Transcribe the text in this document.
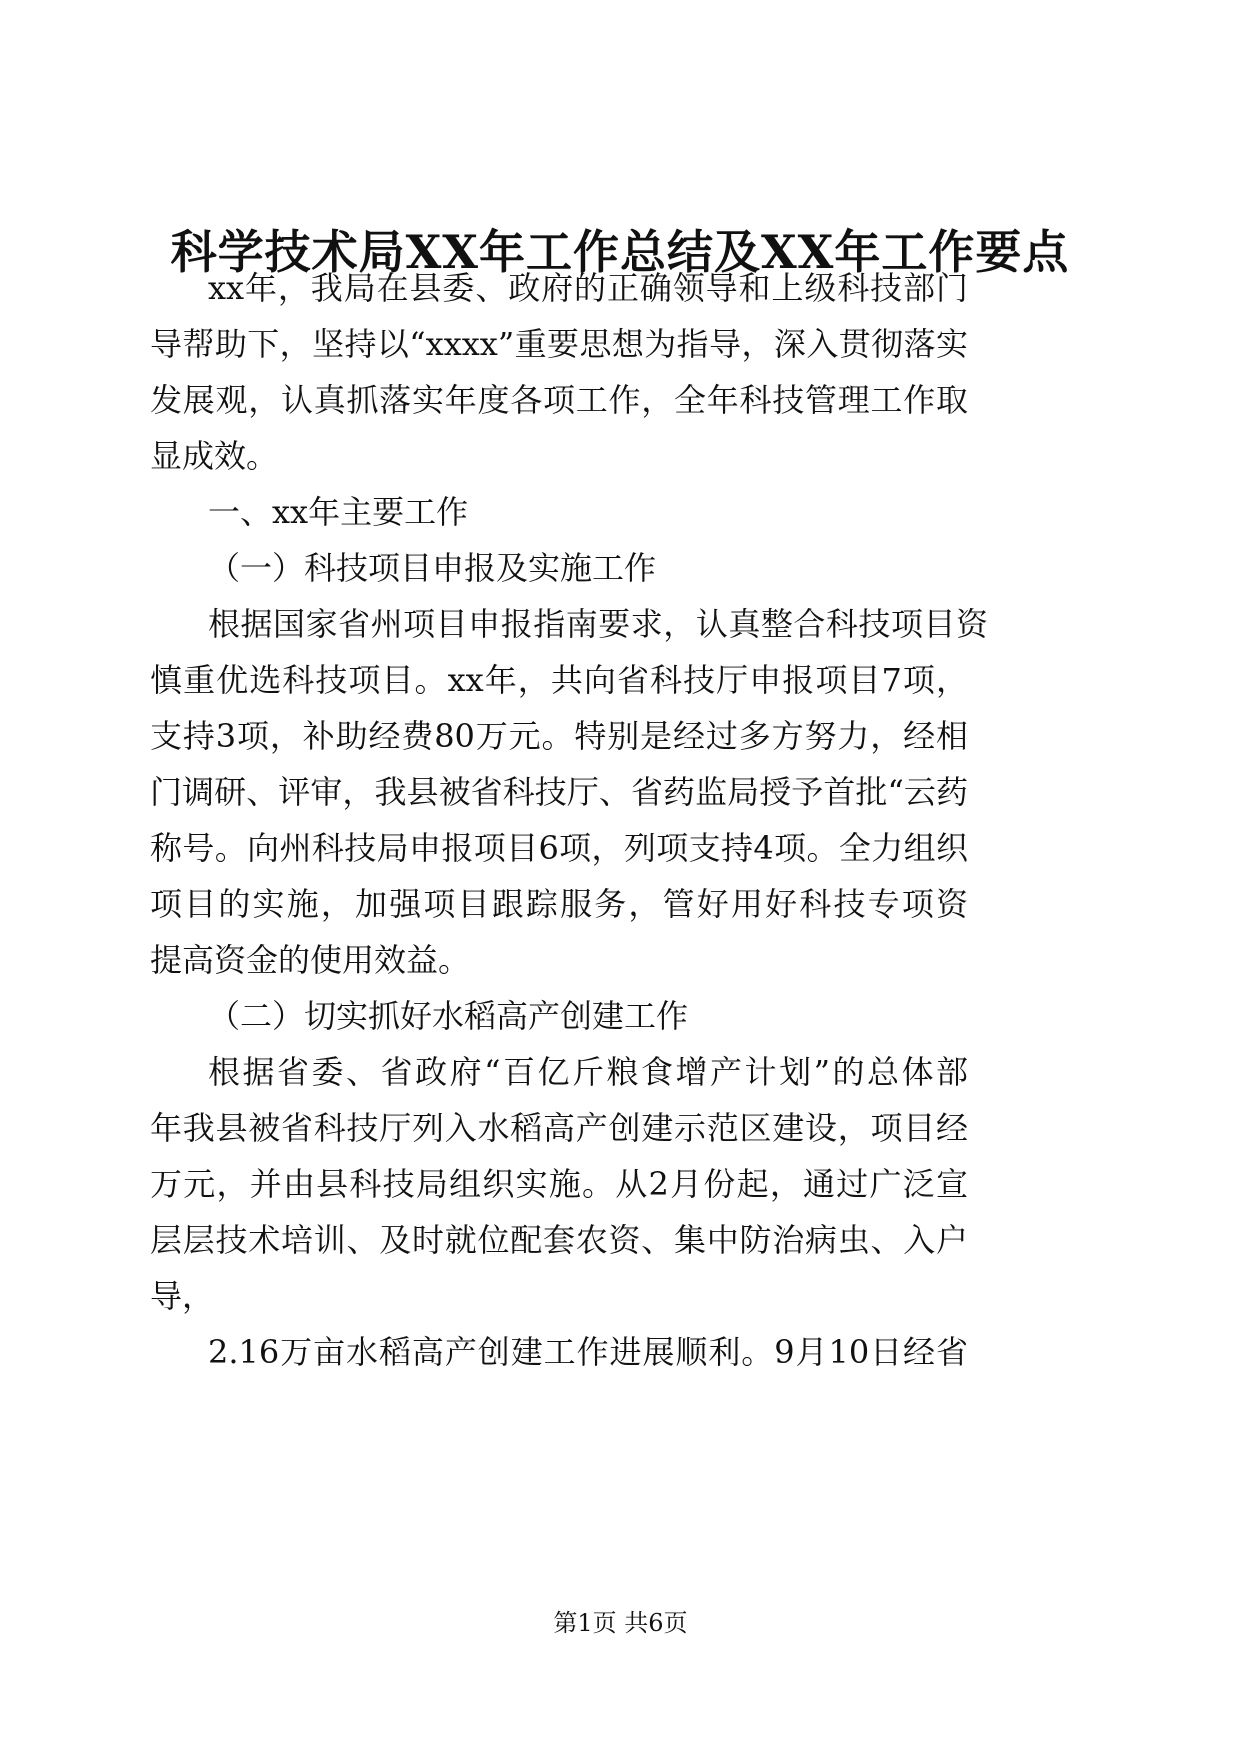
科学技术局XX年工作总结及XX年工作要点
xx年，我局在县委、政府的正确领导和上级科技部门
导帮助下，坚持以“xxxx”重要思想为指导，深入贯彻落实
发展观，认真抓落实年度各项工作，全年科技管理工作取
显成效。
一、xx年主要工作
（一）科技项目申报及实施工作
根据国家省州项目申报指南要求，认真整合科技项目资
慎重优选科技项目。xx年，共向省科技厅申报项目7项，
支持3项，补助经费80万元。特别是经过多方努力，经相
门调研、评审，我县被省科技厅、省药监局授予首批“云药
称号。向州科技局申报项目6项，列项支持4项。全力组织
项目的实施，加强项目跟踪服务，管好用好科技专项资
提高资金的使用效益。
（二）切实抓好水稻高产创建工作
根据省委、省政府“百亿斤粮食增产计划”的总体部
年我县被省科技厅列入水稻高产创建示范区建设，项目经
万元，并由县科技局组织实施。从2月份起，通过广泛宣
层层技术培训、及时就位配套农资、集中防治病虫、入户
导，
2.16万亩水稻高产创建工作进展顺利。9月10日经省
第1页 共6页
